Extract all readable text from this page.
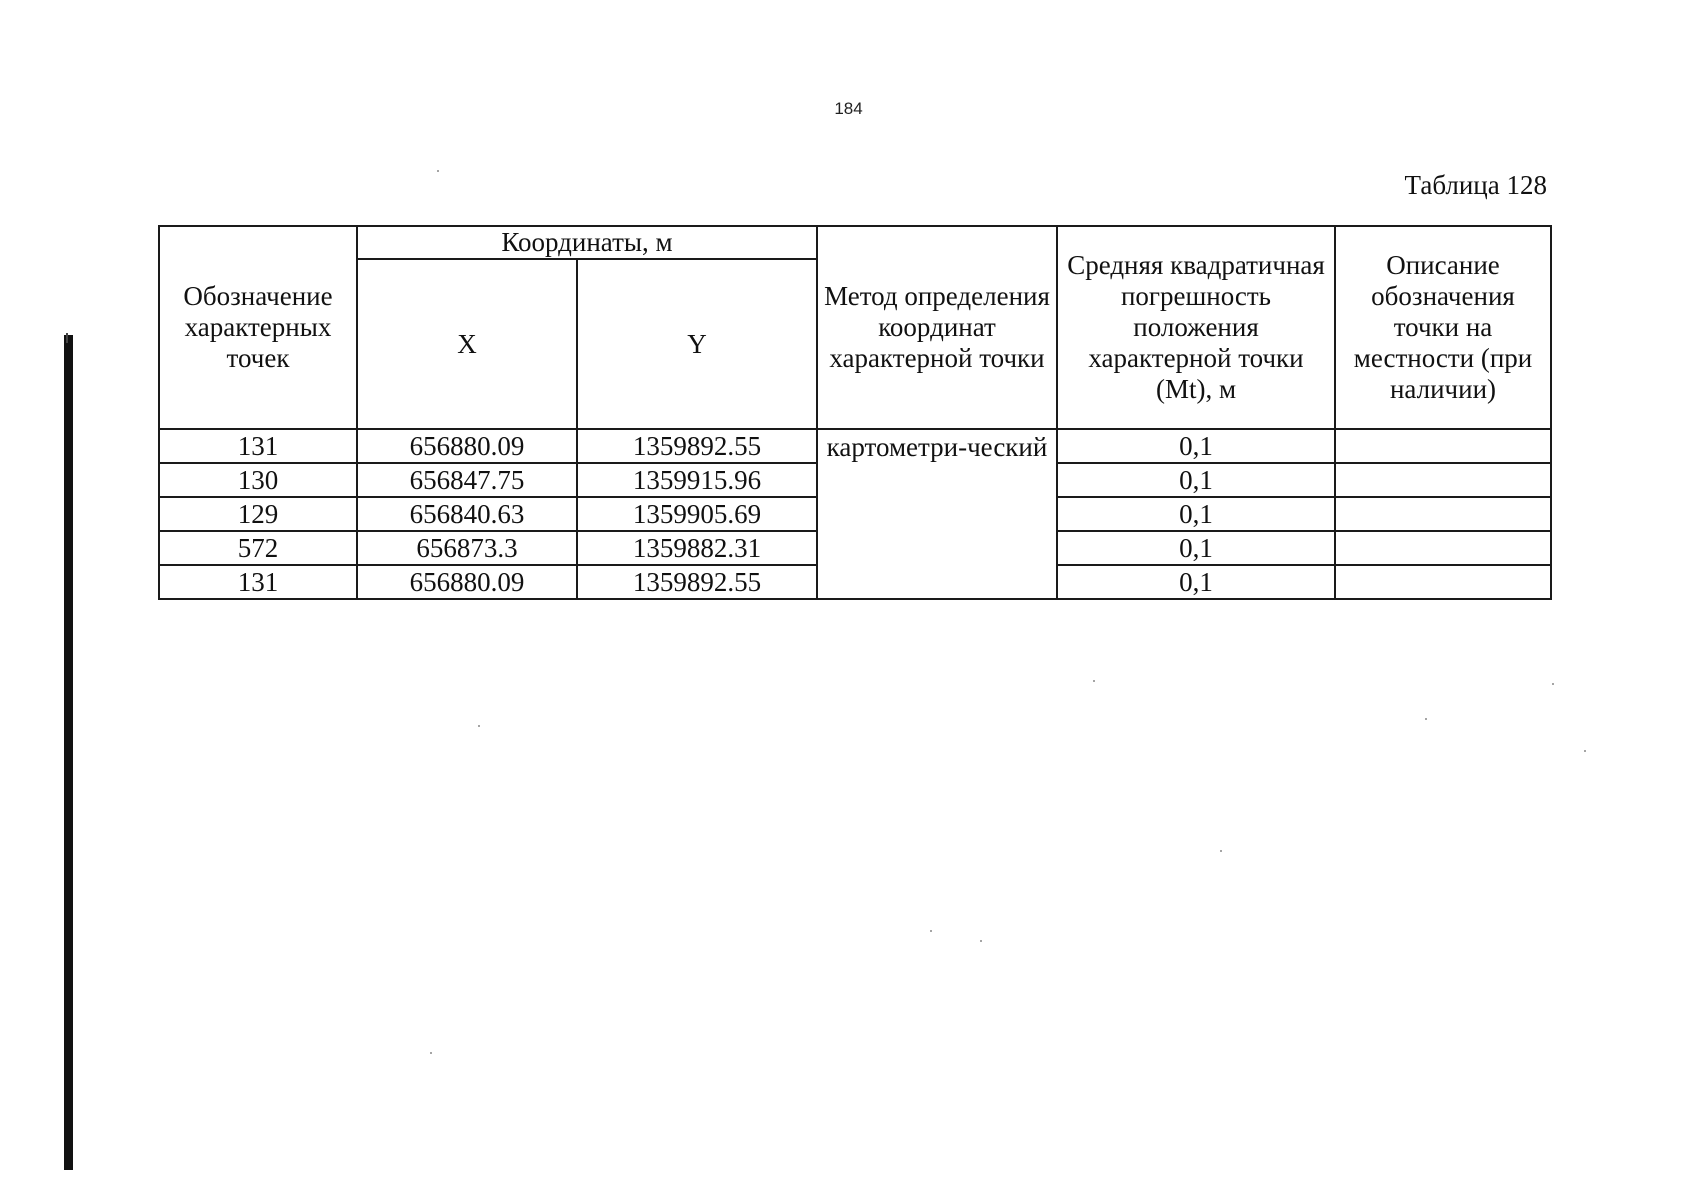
184
Таблица 128
Обозначение характерных точек	Координаты, м		Метод определения координат характерной точки	Средняя квадратичная погрешность положения характерной точки (Mt), м	Описание обозначения точки на местности (при наличии)
	X	Y			
131	656880.09	1359892.55	картометри-ческий	0,1	
130	656847.75	1359915.96		0,1	
129	656840.63	1359905.69		0,1	
572	656873.3	1359882.31		0,1	
131	656880.09	1359892.55		0,1	
